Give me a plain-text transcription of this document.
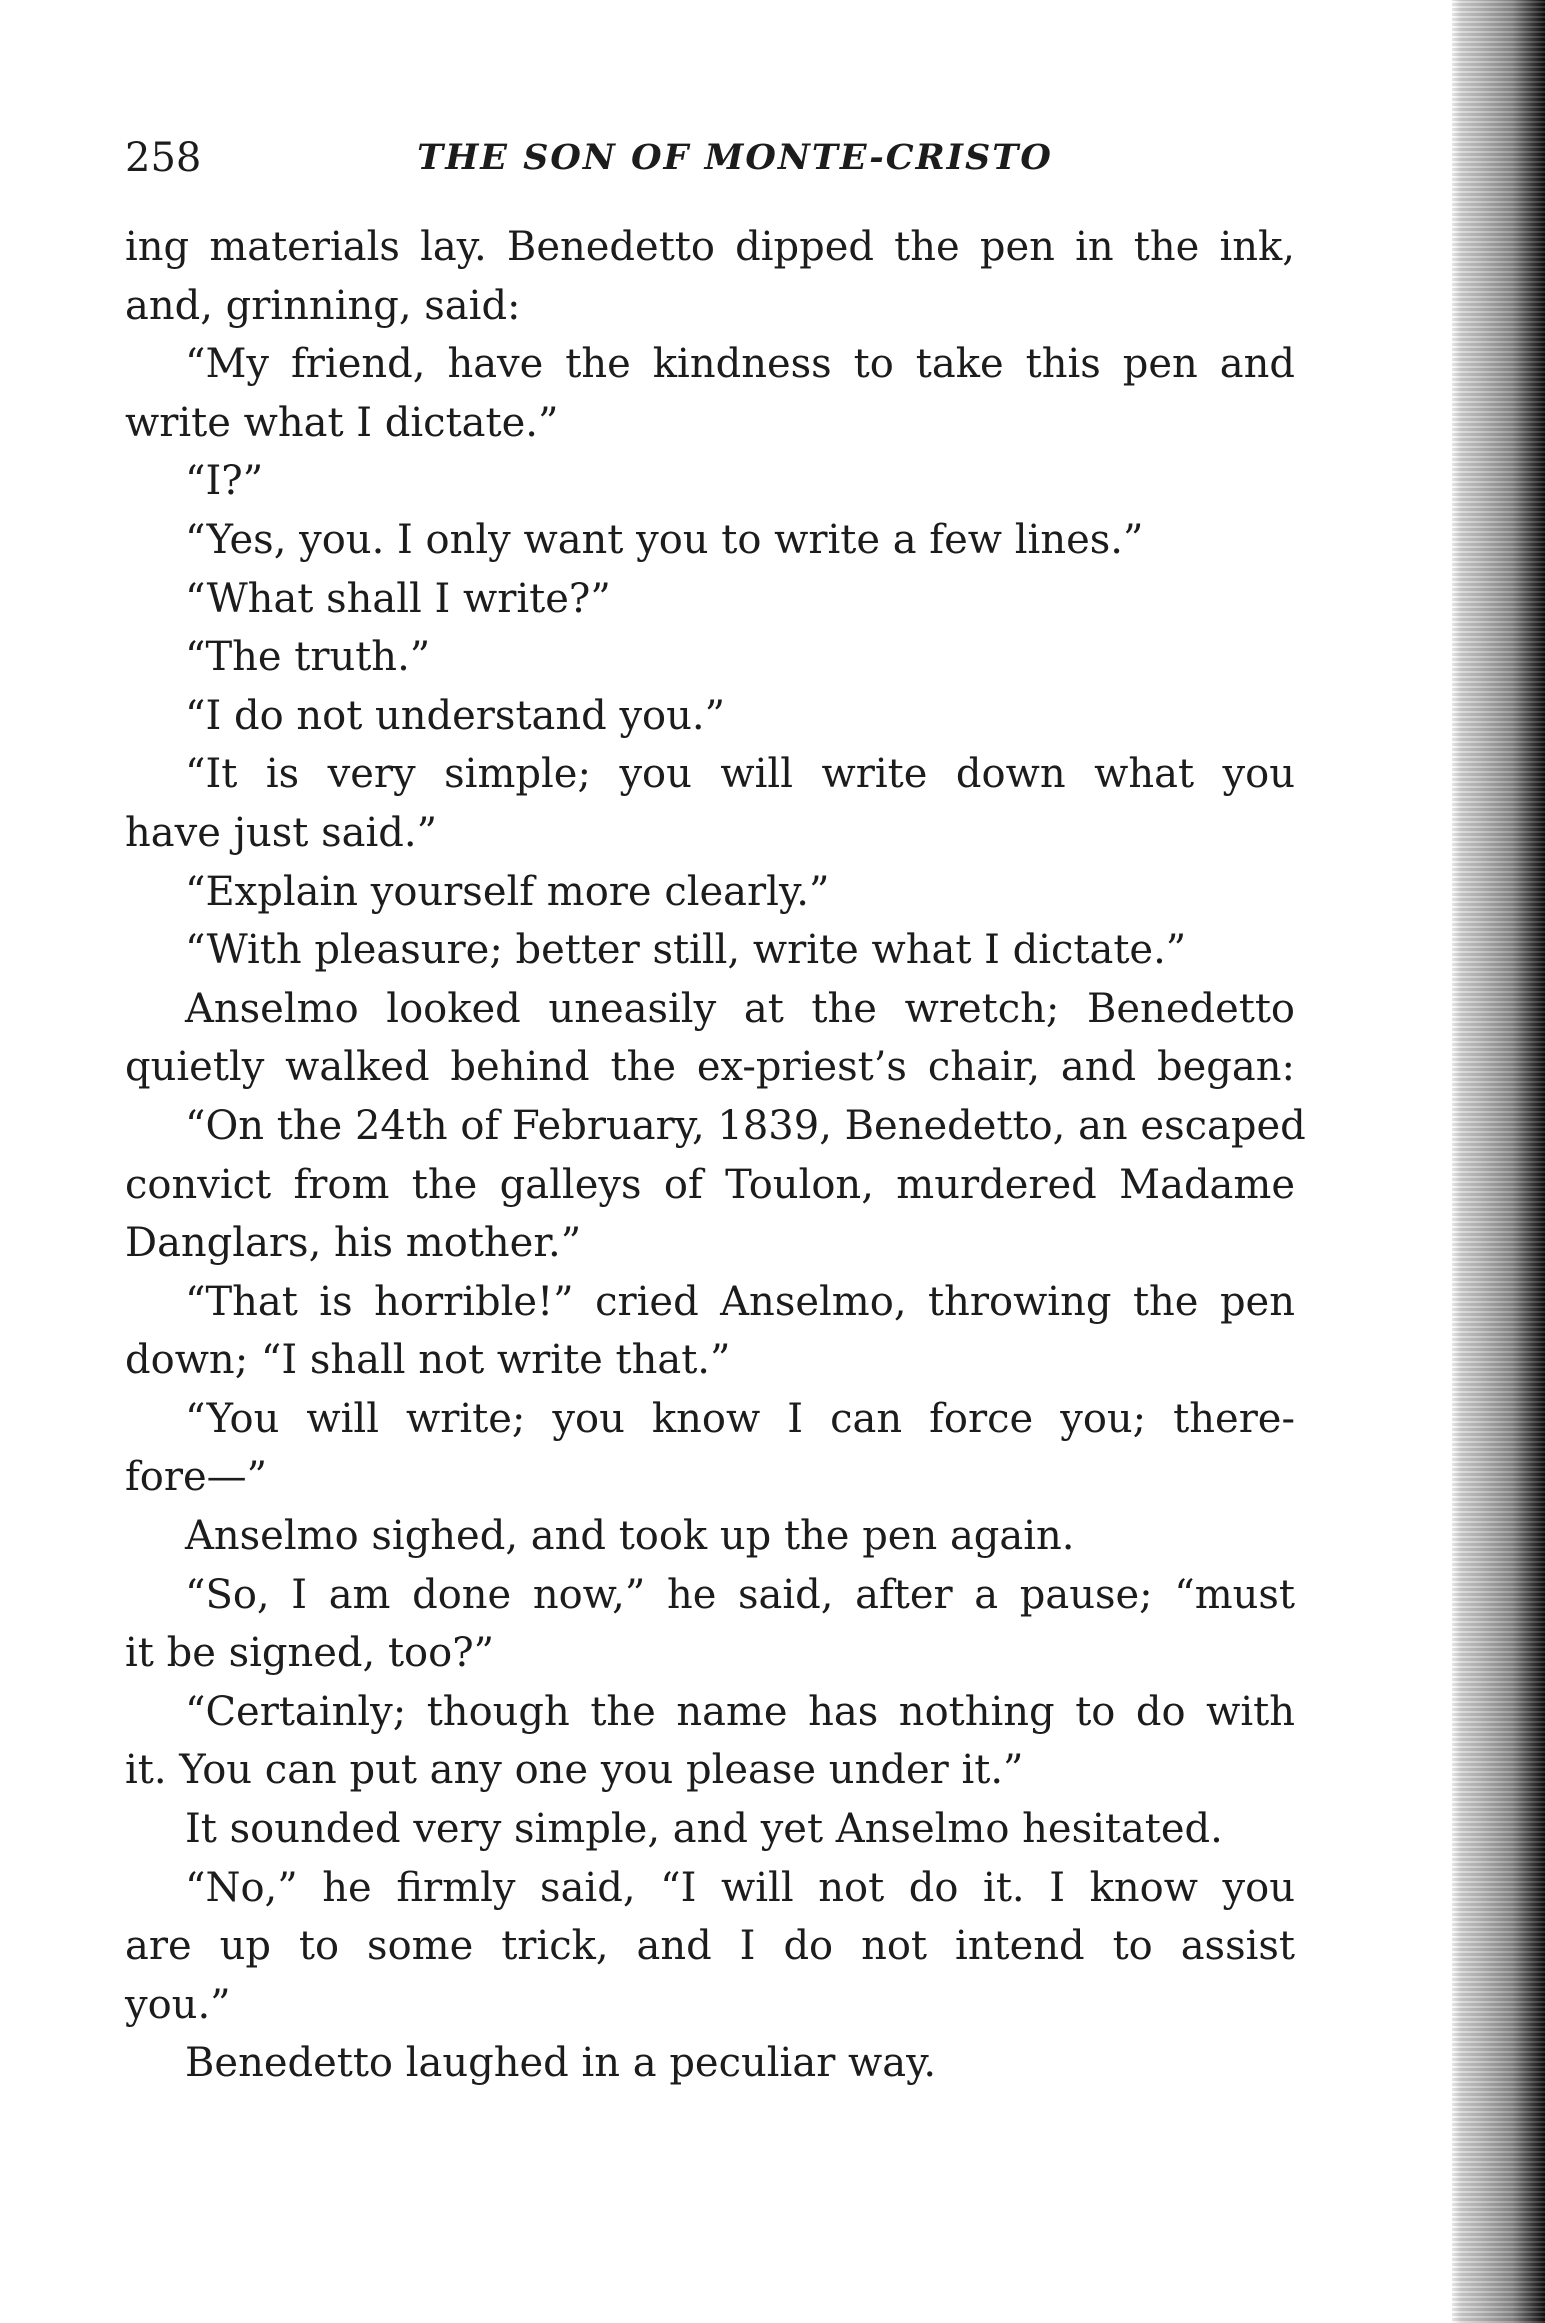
258	THE SON OF MONTE-CRISTO
ing materials lay. Benedetto dipped the pen in the ink,
and, grinning, said:
“My friend, have the kindness to take this pen and
write what I dictate.”
“I?”
“Yes, you. I only want you to write a few lines.”
“What shall I write?”
“The truth.”
“I do not understand you.”
“It is very simple; you will write down what you
have just said.”
“Explain yourself more clearly.”
“With pleasure; better still, write what I dictate.”
Anselmo looked uneasily at the wretch; Benedetto
quietly walked behind the ex-priest’s chair, and began:
“On the 24th of February, 1839, Benedetto, an escaped
convict from the galleys of Toulon, murdered Madame
Danglars, his mother.”
“That is horrible!” cried Anselmo, throwing the pen
down; “I shall not write that.”
“You will write; you know I can force you; there-
fore—”
Anselmo sighed, and took up the pen again.
“So, I am done now,” he said, after a pause; “must
it be signed, too?”
“Certainly; though the name has nothing to do with
it. You can put any one you please under it.”
It sounded very simple, and yet Anselmo hesitated.
“No,” he firmly said, “I will not do it. I know you
are up to some trick, and I do not intend to assist
you.”
Benedetto laughed in a peculiar way.
